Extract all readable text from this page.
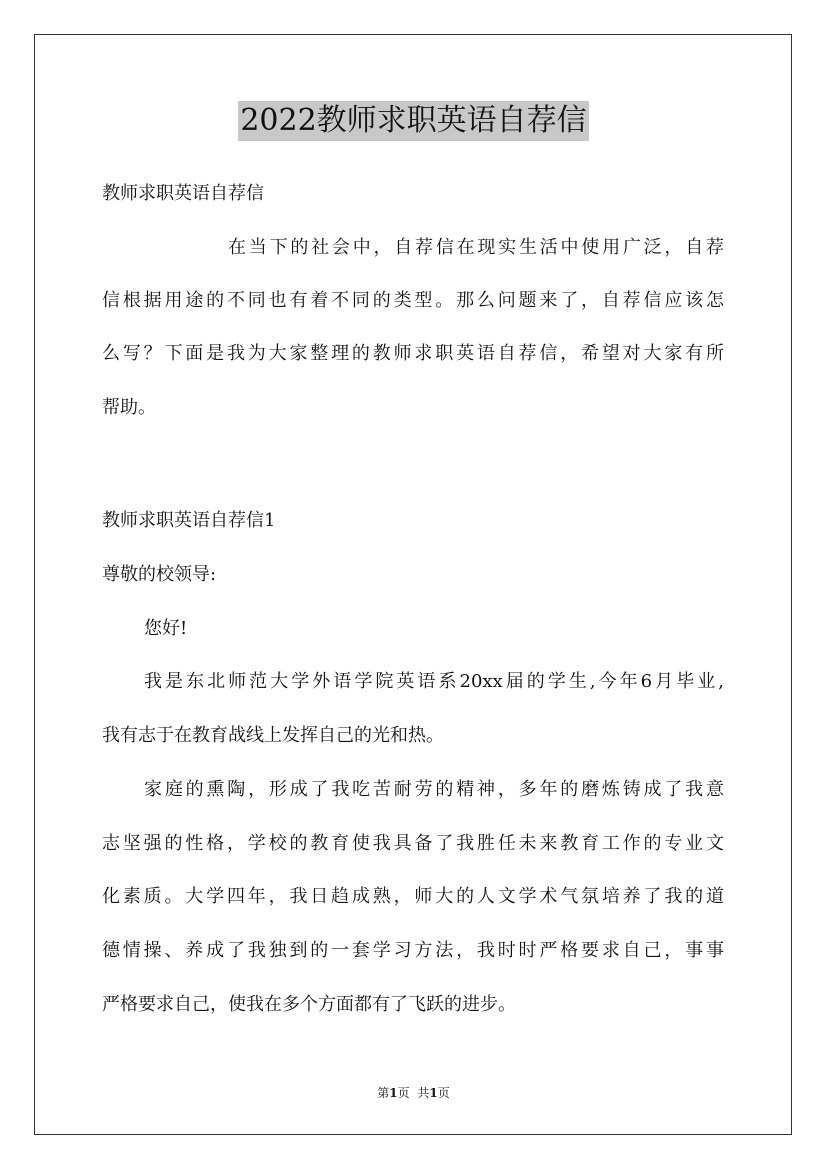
2022教师求职英语自荐信
教师求职英语自荐信
在当下的社会中，自荐信在现实生活中使用广泛，自荐
信根据用途的不同也有着不同的类型。那么问题来了，自荐信应该怎
么写？下面是我为大家整理的教师求职英语自荐信，希望对大家有所
帮助。
教师求职英语自荐信1
尊敬的校领导:
您好!
我是东北师范大学外语学院英语系20xx届的学生,今年6月毕业,
我有志于在教育战线上发挥自己的光和热。
家庭的熏陶，形成了我吃苦耐劳的精神，多年的磨炼铸成了我意
志坚强的性格，学校的教育使我具备了我胜任未来教育工作的专业文
化素质。大学四年，我日趋成熟，师大的人文学术气氛培养了我的道
德情操、养成了我独到的一套学习方法，我时时严格要求自己，事事
严格要求自己，使我在多个方面都有了飞跃的进步。
第1页 共1页
